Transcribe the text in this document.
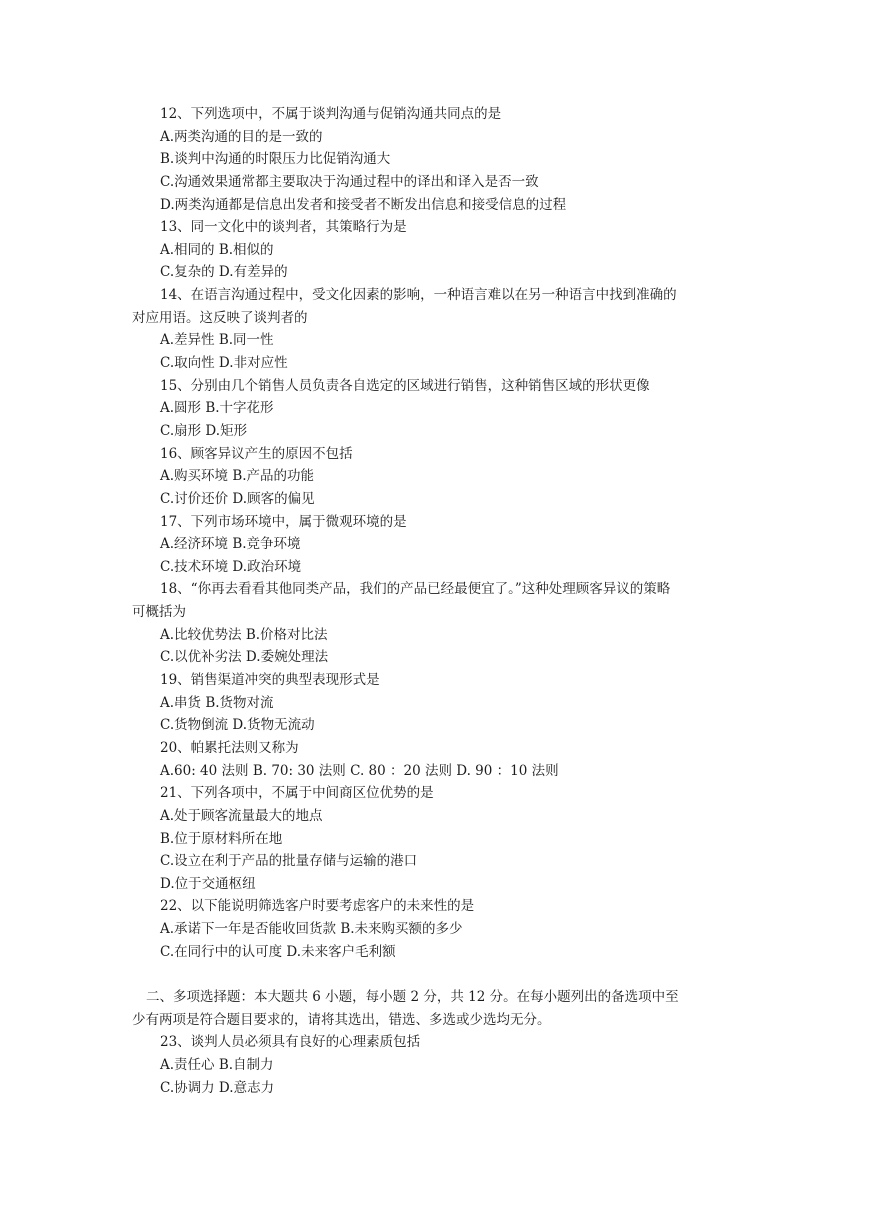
12、下列选项中，不属于谈判沟通与促销沟通共同点的是
A.两类沟通的目的是一致的
B.谈判中沟通的时限压力比促销沟通大
C.沟通效果通常都主要取决于沟通过程中的译出和译入是否一致
D.两类沟通都是信息出发者和接受者不断发出信息和接受信息的过程
13、同一文化中的谈判者，其策略行为是
A.相同的 B.相似的
C.复杂的 D.有差异的
14、在语言沟通过程中，受文化因素的影响，一种语言难以在另一种语言中找到准确的
对应用语。这反映了谈判者的
A.差异性 B.同一性
C.取向性 D.非对应性
15、分别由几个销售人员负责各自选定的区域进行销售，这种销售区域的形状更像
A.圆形 B.十字花形
C.扇形 D.矩形
16、顾客异议产生的原因不包括
A.购买环境 B.产品的功能
C.讨价还价 D.顾客的偏见
17、下列市场环境中，属于微观环境的是
A.经济环境 B.竞争环境
C.技术环境 D.政治环境
18、“你再去看看其他同类产品，我们的产品已经最便宜了。”这种处理顾客异议的策略
可概括为
A.比较优势法 B.价格对比法
C.以优补劣法 D.委婉处理法
19、销售渠道冲突的典型表现形式是
A.串货 B.货物对流
C.货物倒流 D.货物无流动
20、帕累托法则又称为
A.60: 40 法则 B. 70: 30 法则 C. 80 ：20 法则 D. 90 ：10 法则
21、下列各项中，不属于中间商区位优势的是
A.处于顾客流量最大的地点
B.位于原材料所在地
C.设立在利于产品的批量存储与运输的港口
D.位于交通枢纽
22、以下能说明筛选客户时要考虑客户的未来性的是
A.承诺下一年是否能收回货款 B.未来购买额的多少
C.在同行中的认可度 D.未来客户毛利额
二、多项选择题：本大题共 6 小题，每小题 2 分，共 12 分。在每小题列出的备选项中至
少有两项是符合题目要求的，请将其选出，错选、多选或少选均无分。
23、谈判人员必须具有良好的心理素质包括
A.责任心 B.自制力
C.协调力 D.意志力
